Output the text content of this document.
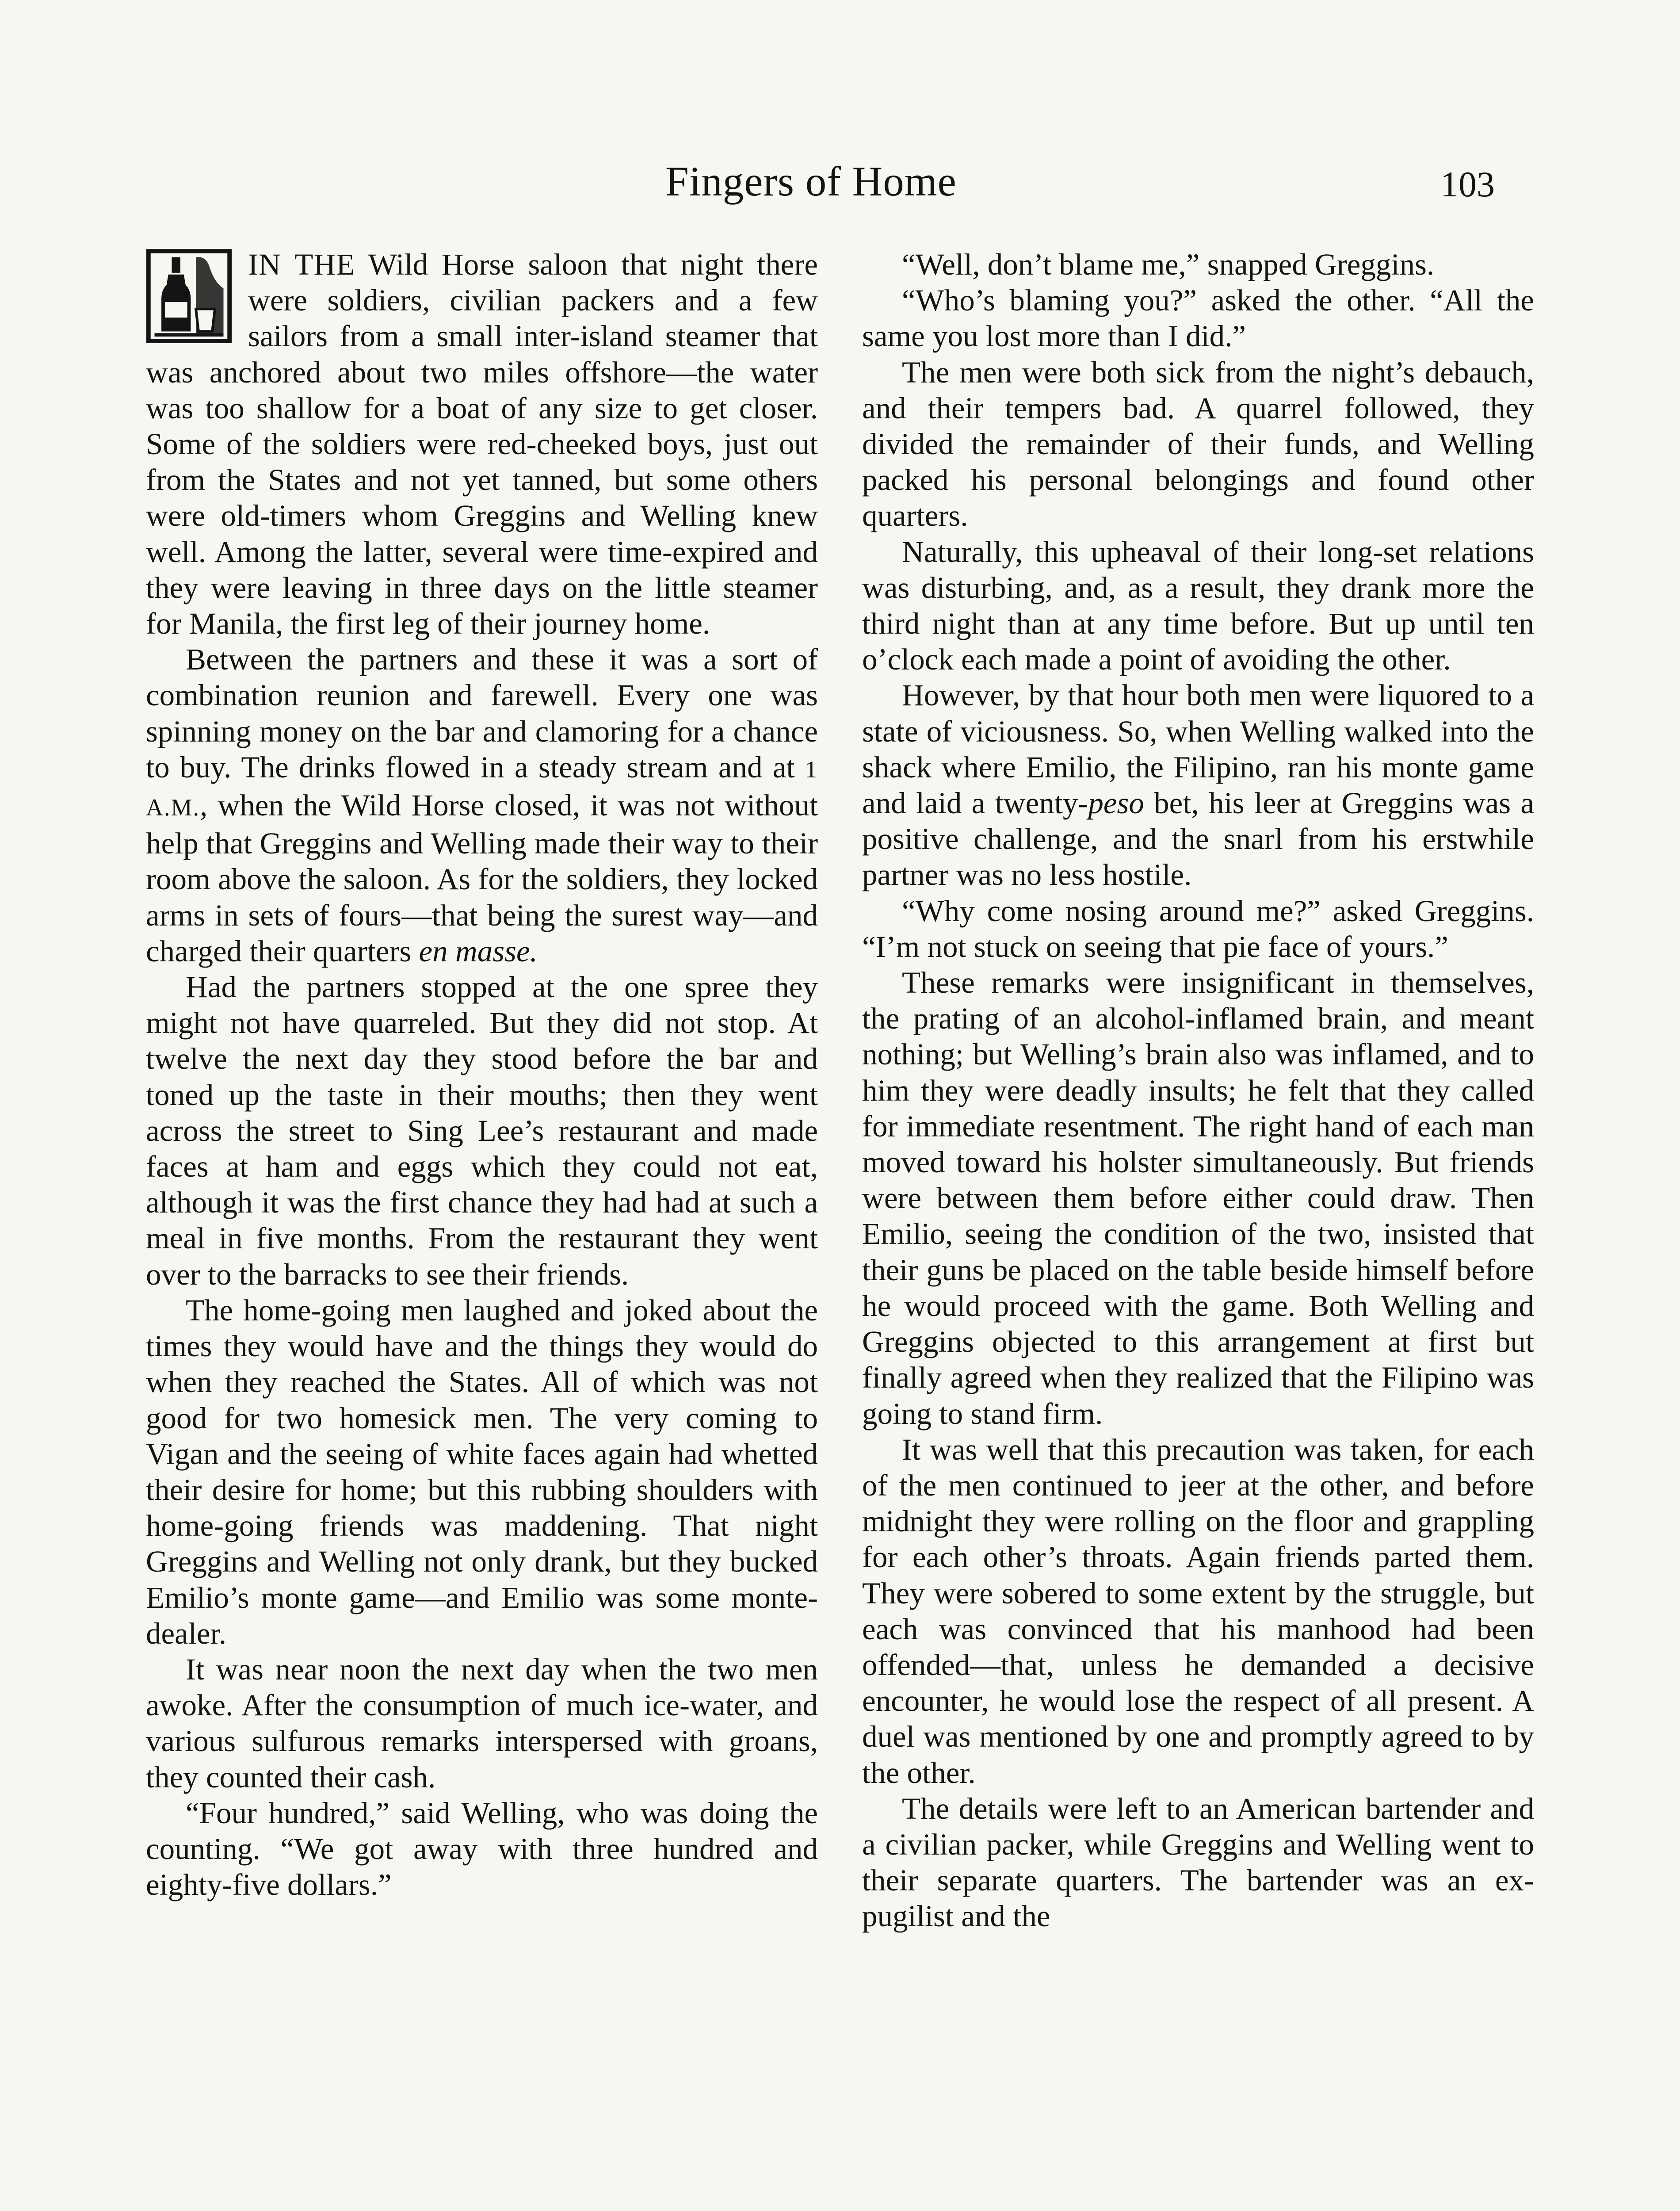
Fingers of Home	103

IN THE Wild Horse saloon that night there were soldiers, civilian packers and a few sailors from a small inter-island steamer that was anchored about two miles offshore—the water was too shallow for a boat of any size to get closer. Some of the soldiers were red-cheeked boys, just out from the States and not yet tanned, but some others were old-timers whom Greggins and Welling knew well. Among the latter, several were time-expired and they were leaving in three days on the little steamer for Manila, the first leg of their journey home.

Between the partners and these it was a sort of combination reunion and farewell. Every one was spinning money on the bar and clamoring for a chance to buy. The drinks flowed in a steady stream and at 1 A.M., when the Wild Horse closed, it was not without help that Greggins and Welling made their way to their room above the saloon. As for the soldiers, they locked arms in sets of fours—that being the surest way—and charged their quarters en masse.

Had the partners stopped at the one spree they might not have quarreled. But they did not stop. At twelve the next day they stood before the bar and toned up the taste in their mouths; then they went across the street to Sing Lee’s restaurant and made faces at ham and eggs which they could not eat, although it was the first chance they had had at such a meal in five months. From the restaurant they went over to the barracks to see their friends.

The home-going men laughed and joked about the times they would have and the things they would do when they reached the States. All of which was not good for two homesick men. The very coming to Vigan and the seeing of white faces again had whetted their desire for home; but this rubbing shoulders with home-going friends was maddening. That night Greggins and Welling not only drank, but they bucked Emilio’s monte game—and Emilio was some monte-dealer.

It was near noon the next day when the two men awoke. After the consumption of much ice-water, and various sulfurous remarks interspersed with groans, they counted their cash.

“Four hundred,” said Welling, who was doing the counting. “We got away with three hundred and eighty-five dollars.”

“Well, don’t blame me,” snapped Greggins.

“Who’s blaming you?” asked the other. “All the same you lost more than I did.”

The men were both sick from the night’s debauch, and their tempers bad. A quarrel followed, they divided the remainder of their funds, and Welling packed his personal belongings and found other quarters.

Naturally, this upheaval of their long-set relations was disturbing, and, as a result, they drank more the third night than at any time before. But up until ten o’clock each made a point of avoiding the other.

However, by that hour both men were liquored to a state of viciousness. So, when Welling walked into the shack where Emilio, the Filipino, ran his monte game and laid a twenty-peso bet, his leer at Greggins was a positive challenge, and the snarl from his erstwhile partner was no less hostile.

“Why come nosing around me?” asked Greggins. “I’m not stuck on seeing that pie face of yours.”

These remarks were insignificant in themselves, the prating of an alcohol-inflamed brain, and meant nothing; but Welling’s brain also was inflamed, and to him they were deadly insults; he felt that they called for immediate resentment. The right hand of each man moved toward his holster simultaneously. But friends were between them before either could draw. Then Emilio, seeing the condition of the two, insisted that their guns be placed on the table beside himself before he would proceed with the game. Both Welling and Greggins objected to this arrangement at first but finally agreed when they realized that the Filipino was going to stand firm.

It was well that this precaution was taken, for each of the men continued to jeer at the other, and before midnight they were rolling on the floor and grappling for each other’s throats. Again friends parted them. They were sobered to some extent by the struggle, but each was convinced that his manhood had been offended—that, unless he demanded a decisive encounter, he would lose the respect of all present. A duel was mentioned by one and promptly agreed to by the other.

The details were left to an American bartender and a civilian packer, while Greggins and Welling went to their separate quarters. The bartender was an ex-pugilist and the
